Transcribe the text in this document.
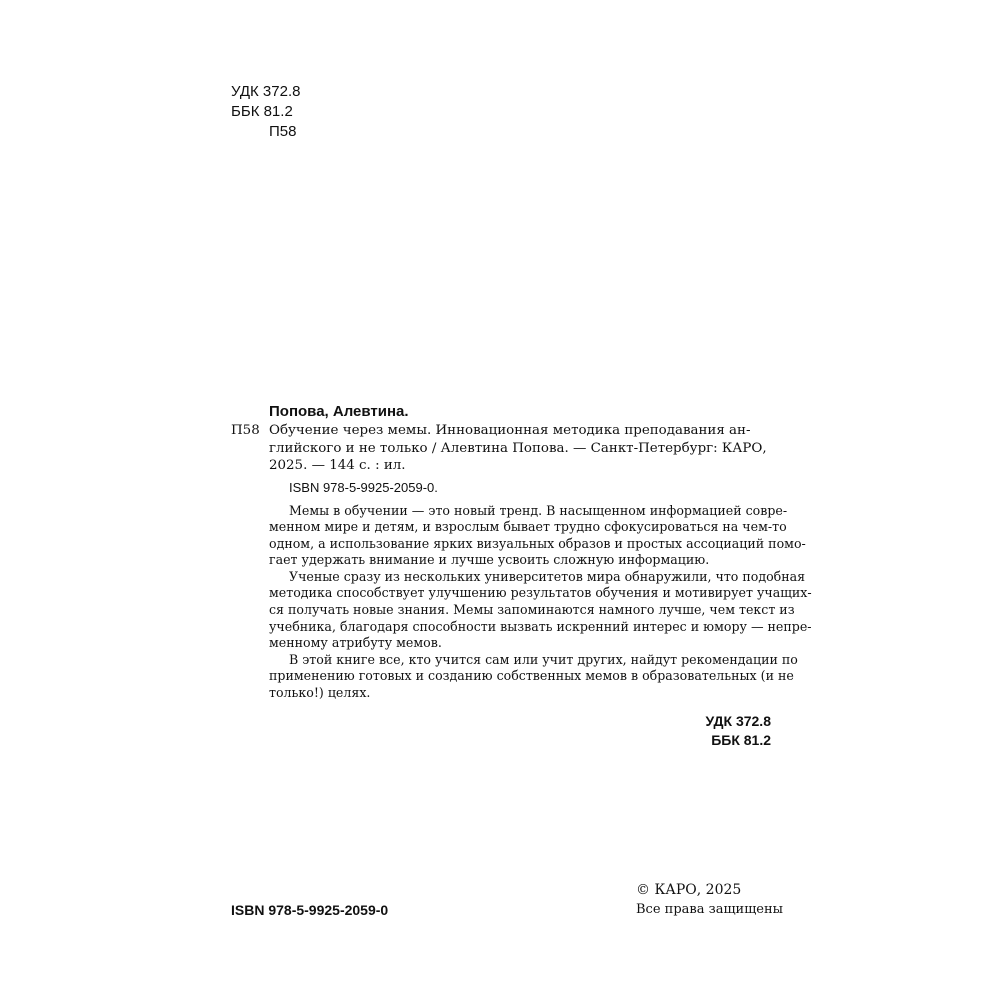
УДК 372.8
ББК 81.2
П58
Попова, Алевтина.
П58 Обучение через мемы. Инновационная методика преподавания ан-
глийского и не только / Алевтина Попова. — Санкт-Петербург: КАРО,
2025. — 144 с. : ил.
ISBN 978-5-9925-2059-0.
Мемы в обучении — это новый тренд. В насыщенном информацией совре-
менном мире и детям, и взрослым бывает трудно сфокусироваться на чем-то
одном, а использование ярких визуальных образов и простых ассоциаций помо-
гает удержать внимание и лучше усвоить сложную информацию.
Ученые сразу из нескольких университетов мира обнаружили, что подобная
методика способствует улучшению результатов обучения и мотивирует учащих-
ся получать новые знания. Мемы запоминаются намного лучше, чем текст из
учебника, благодаря способности вызвать искренний интерес и юмору — непре-
менному атрибуту мемов.
В этой книге все, кто учится сам или учит других, найдут рекомендации по
применению готовых и созданию собственных мемов в образовательных (и не
только!) целях.
УДК 372.8
ББК 81.2
ISBN 978-5-9925-2059-0
© КАРО, 2025
Все права защищены
